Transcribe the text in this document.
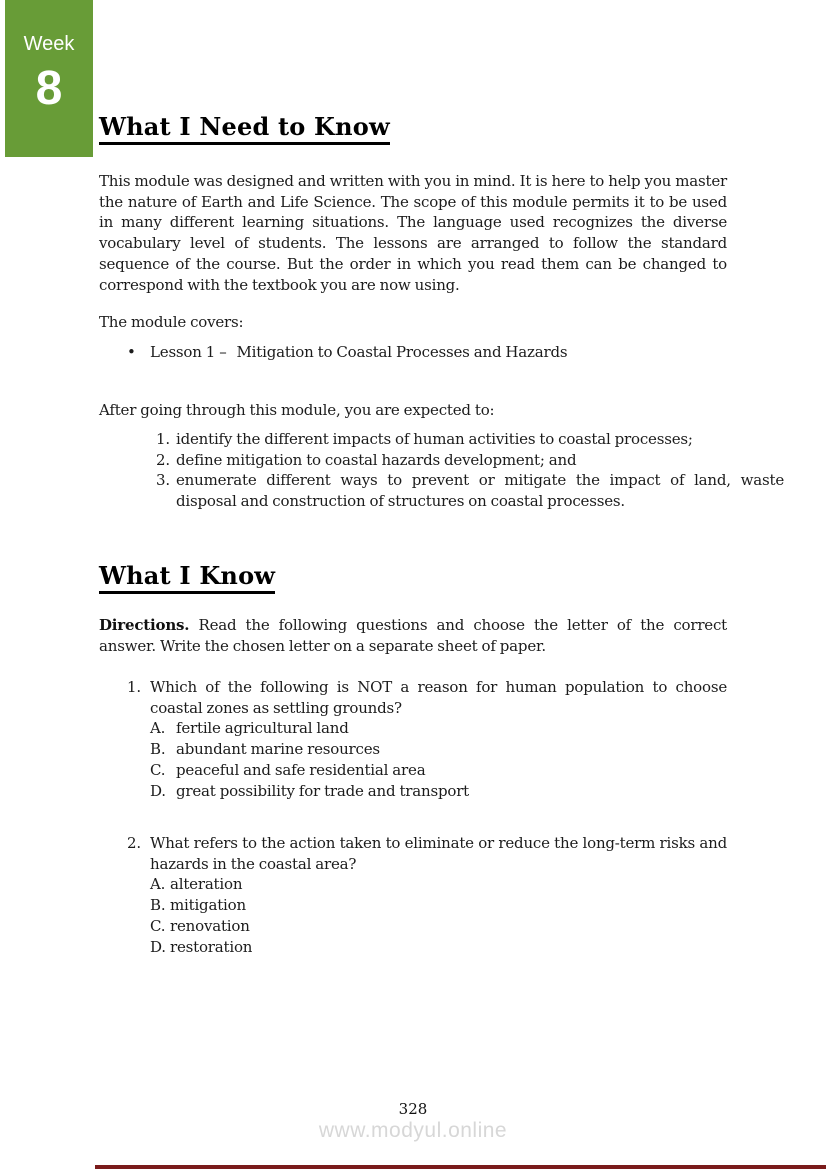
Week
8
What I Need to Know
This module was designed and written with you in mind. It is here to help you master the nature of Earth and Life Science. The scope of this module permits it to be used in many different learning situations. The language used recognizes the diverse vocabulary level of students. The lessons are arranged to follow the standard sequence of the course. But the order in which you read them can be changed to correspond with the textbook you are now using.
The module covers:
• Lesson 1 – Mitigation to Coastal Processes and Hazards
After going through this module, you are expected to:
1. identify the different impacts of human activities to coastal processes;
2. define mitigation to coastal hazards development; and
3. enumerate different ways to prevent or mitigate the impact of land, waste disposal and construction of structures on coastal processes.
What I Know
Directions. Read the following questions and choose the letter of the correct answer. Write the chosen letter on a separate sheet of paper.
1. Which of the following is NOT a reason for human population to choose coastal zones as settling grounds?
A. fertile agricultural land
B. abundant marine resources
C. peaceful and safe residential area
D. great possibility for trade and transport
2. What refers to the action taken to eliminate or reduce the long-term risks and hazards in the coastal area?
A. alteration
B. mitigation
C. renovation
D. restoration
328
www.modyul.online
